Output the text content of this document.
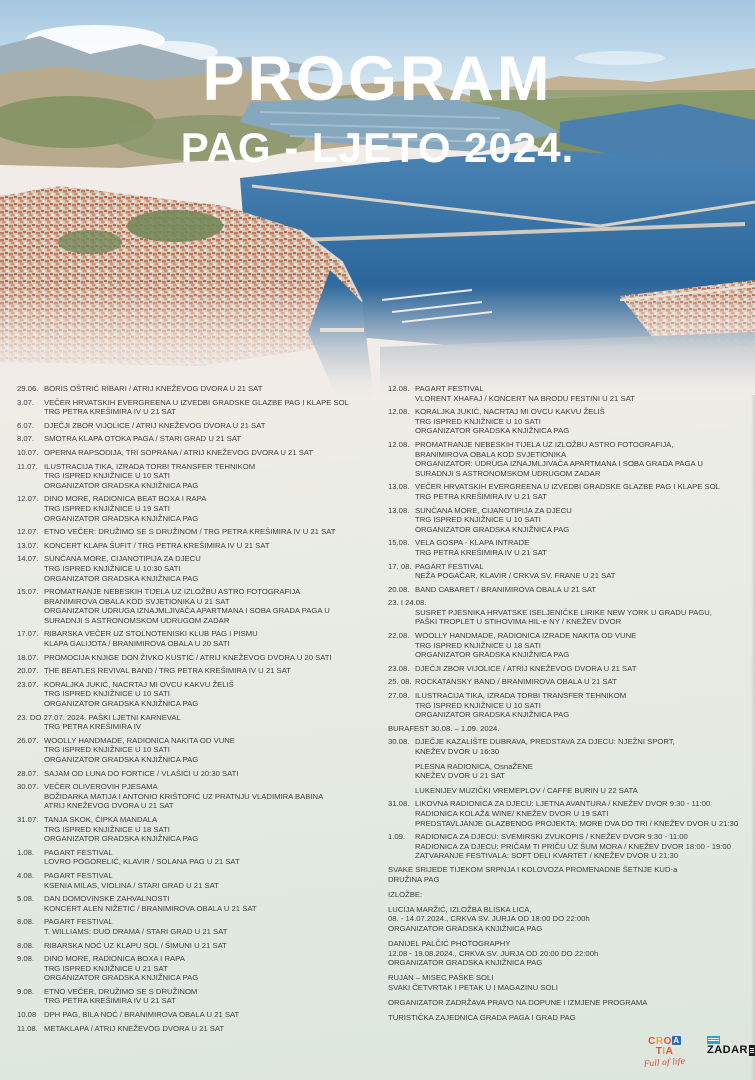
PROGRAM
PAG - LJETO 2024.
29.06. BORIS OŠTRIĆ RIBARI / ATRIJ KNEŽEVOG DVORA U 21 SAT
3.07.	VEČER HRVATSKIH EVERGREENA U IZVEDBI GRADSKE GLAZBE PAG I KLAPE SOL
TRG PETRA KREŠIMIRA IV U 21 SAT
6.07.	DJEČJI ZBOR VIJOLICE / ATRIJ KNEŽEVOG DVORA U 21 SAT
8.07.	SMOTRA KLAPA OTOKA PAGA / STARI GRAD U 21 SAT
10.07. OPERNA RAPSODIJA, TRI SOPRANA / ATRIJ KNEŽEVOG DVORA U 21 SAT
11.07. ILUSTRACIJA TIKA, IZRADA TORBI TRANSFER TEHNIKOM
TRG ISPRED KNJIŽNICE U 10 SATI
ORGANIZATOR GRADSKA KNJIŽNICA PAG
12.07. DINO MORE, RADIONICA BEAT BOXA I RAPA
TRG ISPRED KNJIŽNICE U 19 SATI
ORGANIZATOR GRADSKA KNJIŽNICA PAG
12.07. ETNO VEČER: DRUŽIMO SE S DRUŽINOM / TRG PETRA KREŠIMIRA IV U 21 SAT
13.07. KONCERT KLAPA ŠUFIT / TRG PETRA KREŠIMIRA IV U 21 SAT
14.07. SUNČANA MORE, CIJANOTIPIJA ZA DJECU
TRG ISPRED KNJIŽNICE U 10:30 SATI
ORGANIZATOR GRADSKA KNJIŽNICA PAG
15.07. PROMATRANJE NEBESKIH TIJELA UZ IZLOŽBU ASTRO FOTOGRAFIJA
BRANIMIROVA OBALA KOD SVJETIONIKA U 21 SAT
ORGANIZATOR UDRUGA IZNAJMLJIVAČA APARTMANA I SOBA GRADA PAGA U
SURADNJI S ASTRONOMSKOM UDRUGOM ZADAR
17.07. RIBARSKA VEČER UZ STOLNOTENISKI KLUB PAG I PISMU
KLAPA GALIJOTA / BRANIMIROVA OBALA U 20 SATI
18.07. PROMOCIJA KNJIGE DON ŽIVKO KUSTIĆ / ATRIJ KNEŽEVOG DVORA U 20 SATI
20.07. THE BEATLES REVIVAL BAND / TRG PETRA KREŠIMIRA IV U 21 SAT
23.07. KORALJKA JUKIĆ, NACRTAJ MI OVCU KAKVU ŽELIŠ
TRG ISPRED KNJIŽNICE U 10 SATI
ORGANIZATOR GRADSKA KNJIŽNICA PAG
23. DO 27.07. 2024. PAŠKI LJETNI KARNEVAL
TRG PETRA KREŠIMIRA IV
26.07. WOOLLY HANDMADE, RADIONICA NAKITA OD VUNE
TRG ISPRED KNJIŽNICE U 10 SATI
ORGANIZATOR GRADSKA KNJIŽNICA PAG
28.07. SAJAM OD LUNA DO FORTICE / VLAŠIĆI U 20:30 SATI
30.07. VEČER OLIVEROVIH PJESAMA
BOŽIDARKA MATIJA I ANTONIO KRIŠTOFIĆ UZ PRATNJU VLADIMIRA BABINA
ATRIJ KNEŽEVOG DVORA U 21 SAT
31.07. TANJA SKOK, ČIPKA MANDALA
TRG ISPRED KNJIŽNICE U 18 SATI
ORGANIZATOR GRADSKA KNJIŽNICA PAG
1.08.	PAGART FESTIVAL
LOVRO POGORELIĆ, KLAVIR / SOLANA PAG U 21 SAT
4.08.	PAGART FESTIVAL
KSENIA MILAS, VIOLINA / STARI GRAD U 21 SAT
5.08.	DAN DOMOVINSKE ZAHVALNOSTI
KONCERT ALEN NIŽETIĆ / BRANIMIROVA OBALA U 21 SAT
8.08.	PAGART FESTIVAL
T. WILLIAMS: DUO DRAMA / STARI GRAD U 21 SAT
8.08.	RIBARSKA NOĆ UZ KLAPU SOL / ŠIMUNI U 21 SAT
9.08.	DINO MORE, RADIONICA BOXA I RAPA
TRG ISPRED KNJIŽNICE U 21 SAT
ORGANIZATOR GRADSKA KNJIŽNICA PAG
9.08.	ETNO VEČER, DRUŽIMO SE S DRUŽINOM
TRG PETRA KREŠIMIRA IV U 21 SAT
10.08	DPH PAG, BILA NOĆ / BRANIMIROVA OBALA U 21 SAT
11.08. METAKLAPA / ATRIJ KNEŽEVOG DVORA U 21 SAT
12.08. PAGART FESTIVAL
VLORENT XHAFAJ / KONCERT NA BRODU FESTINI U 21 SAT
12.08. KORALJKA JUKIĆ, NACRTAJ MI OVCU KAKVU ŽELIŠ
TRG ISPRED KNJIŽNICE U 10 SATI
ORGANIZATOR GRADSKA KNJIŽNICA PAG
12.08. PROMATRANJE NEBESKIH TIJELA UZ IZLOŽBU ASTRO FOTOGRAFIJA,
BRANIMIROVA OBALA KOD SVJETIONIKA
ORGANIZATOR: UDRUGA IZNAJMLJIVAČA APARTMANA I SOBA GRADA PAGA U
SURADNJI S ASTRONOMSKOM UDRUGOM ZADAR
13.08. VEČER HRVATSKIH EVERGREENA U IZVEDBI GRADSKE GLAZBE PAG I KLAPE SOL
TRG PETRA KREŠIMIRA IV U 21 SAT
13.08. SUNČANA MORE, CIJANOTIPIJA ZA DJECU
TRG ISPRED KNJIŽNICE U 10 SATI
ORGANIZATOR GRADSKA KNJIŽNICA PAG
15.08. VELA GOSPA - KLAPA INTRADE
TRG PETRA KREŠIMIRA IV U 21 SAT
17. 08. PAGART FESTIVAL
NEŽA POGAČAR, KLAVIR / CRKVA SV. FRANE U 21 SAT
20.08. BAND CABARET / BRANIMIROVA OBALA U 21 SAT
23. I 24.08.
SUSRET PJESNIKA HRVATSKE ISELJENIČKE LIRIKE NEW YORK U GRADU PAGU,
PAŠKI TROPLET U STIHOVIMA HIL-e NY / KNEŽEV DVOR
22.08. WOOLLY HANDMADE, RADIONICA IZRADE NAKITA OD VUNE
TRG ISPRED KNJIŽNICE U 18 SATI
ORGANIZATOR GRADSKA KNJIŽNICA PAG
23.08. DJEČJI ZBOR VIJOLICE / ATRIJ KNEŽEVOG DVORA U 21 SAT
25. 08. ROCKATANSKY BAND / BRANIMIROVA OBALA U 21 SAT
27.08. ILUSTRACIJA TIKA, IZRADA TORBI TRANSFER TEHNIKOM
TRG ISPRED KNJIŽNICE U 10 SATI
ORGANIZATOR GRADSKA KNJIŽNICA PAG
BURAFEST 30.08. – 1.09. 2024.
30.08. DJEČJE KAZALIŠTE DUBRAVA, PREDSTAVA ZA DJECU: NJEŽNI SPORT,
KNEŽEV DVOR U 16:30
PLESNA RADIONICA, OsnaŽENE
KNEŽEV DVOR U 21 SAT
LUKENIJEV MUZIČKI VREMEPLOV / CAFFE BURIN U 22 SATA
31.08. LIKOVNA RADIONICA ZA DJECU: LJETNA AVANTURA / KNEŽEV DVOR 9:30 - 11:00
RADIONICA KOLAŽ& WINE/ KNEŽEV DVOR U 19 SATI
PREDSTAVLJANJE GLAZBENOG PROJEKTA: MORE DVA DO TRI / KNEŽEV DVOR U 21:30
1.09.	RADIONICA ZA DJECU: SVEMIRSKI ZVUKOPIS / KNEŽEV DVOR 9:30 - 11:00
RADIONICA ZA DJECU: PRIČAM TI PRIČU UZ ŠUM MORA / KNEŽEV DVOR 18:00 - 19:00
ZATVARANJE FESTIVALA: SOFT DELI KVARTET / KNEŽEV DVOR U 21:30
SVAKE SRIJEDE TIJEKOM SRPNJA I KOLOVOZA PROMENADNE ŠETNJE KUD-a
DRUŽINA PAG
IZLOŽBE:
LUCIJA MARŽIĆ, IZLOŽBA BLISKA LICA,
08. - 14.07.2024., CRKVA SV. JURJA OD 18:00 DO 22:00h
ORGANIZATOR GRADSKA KNJIŽNICA PAG
DANIJEL PALČIĆ PHOTOGRAPHY
12.08 - 19.08.2024., CRKVA SV. JURJA OD 20:00 DO 22:00h
ORGANIZATOR GRADSKA KNJIŽNICA PAG
RUJAN – MISEC PAŠKE SOLI
SVAKI ČETVRTAK I PETAK U I MAGAZINU SOLI
ORGANIZATOR ZADRŽAVA PRAVO NA DOPUNE I IZMJENE PROGRAMA
TURISTIČKA ZAJEDNICA GRADA PAGA I GRAD PAG
CROATIA
Full of life
ZADAR
